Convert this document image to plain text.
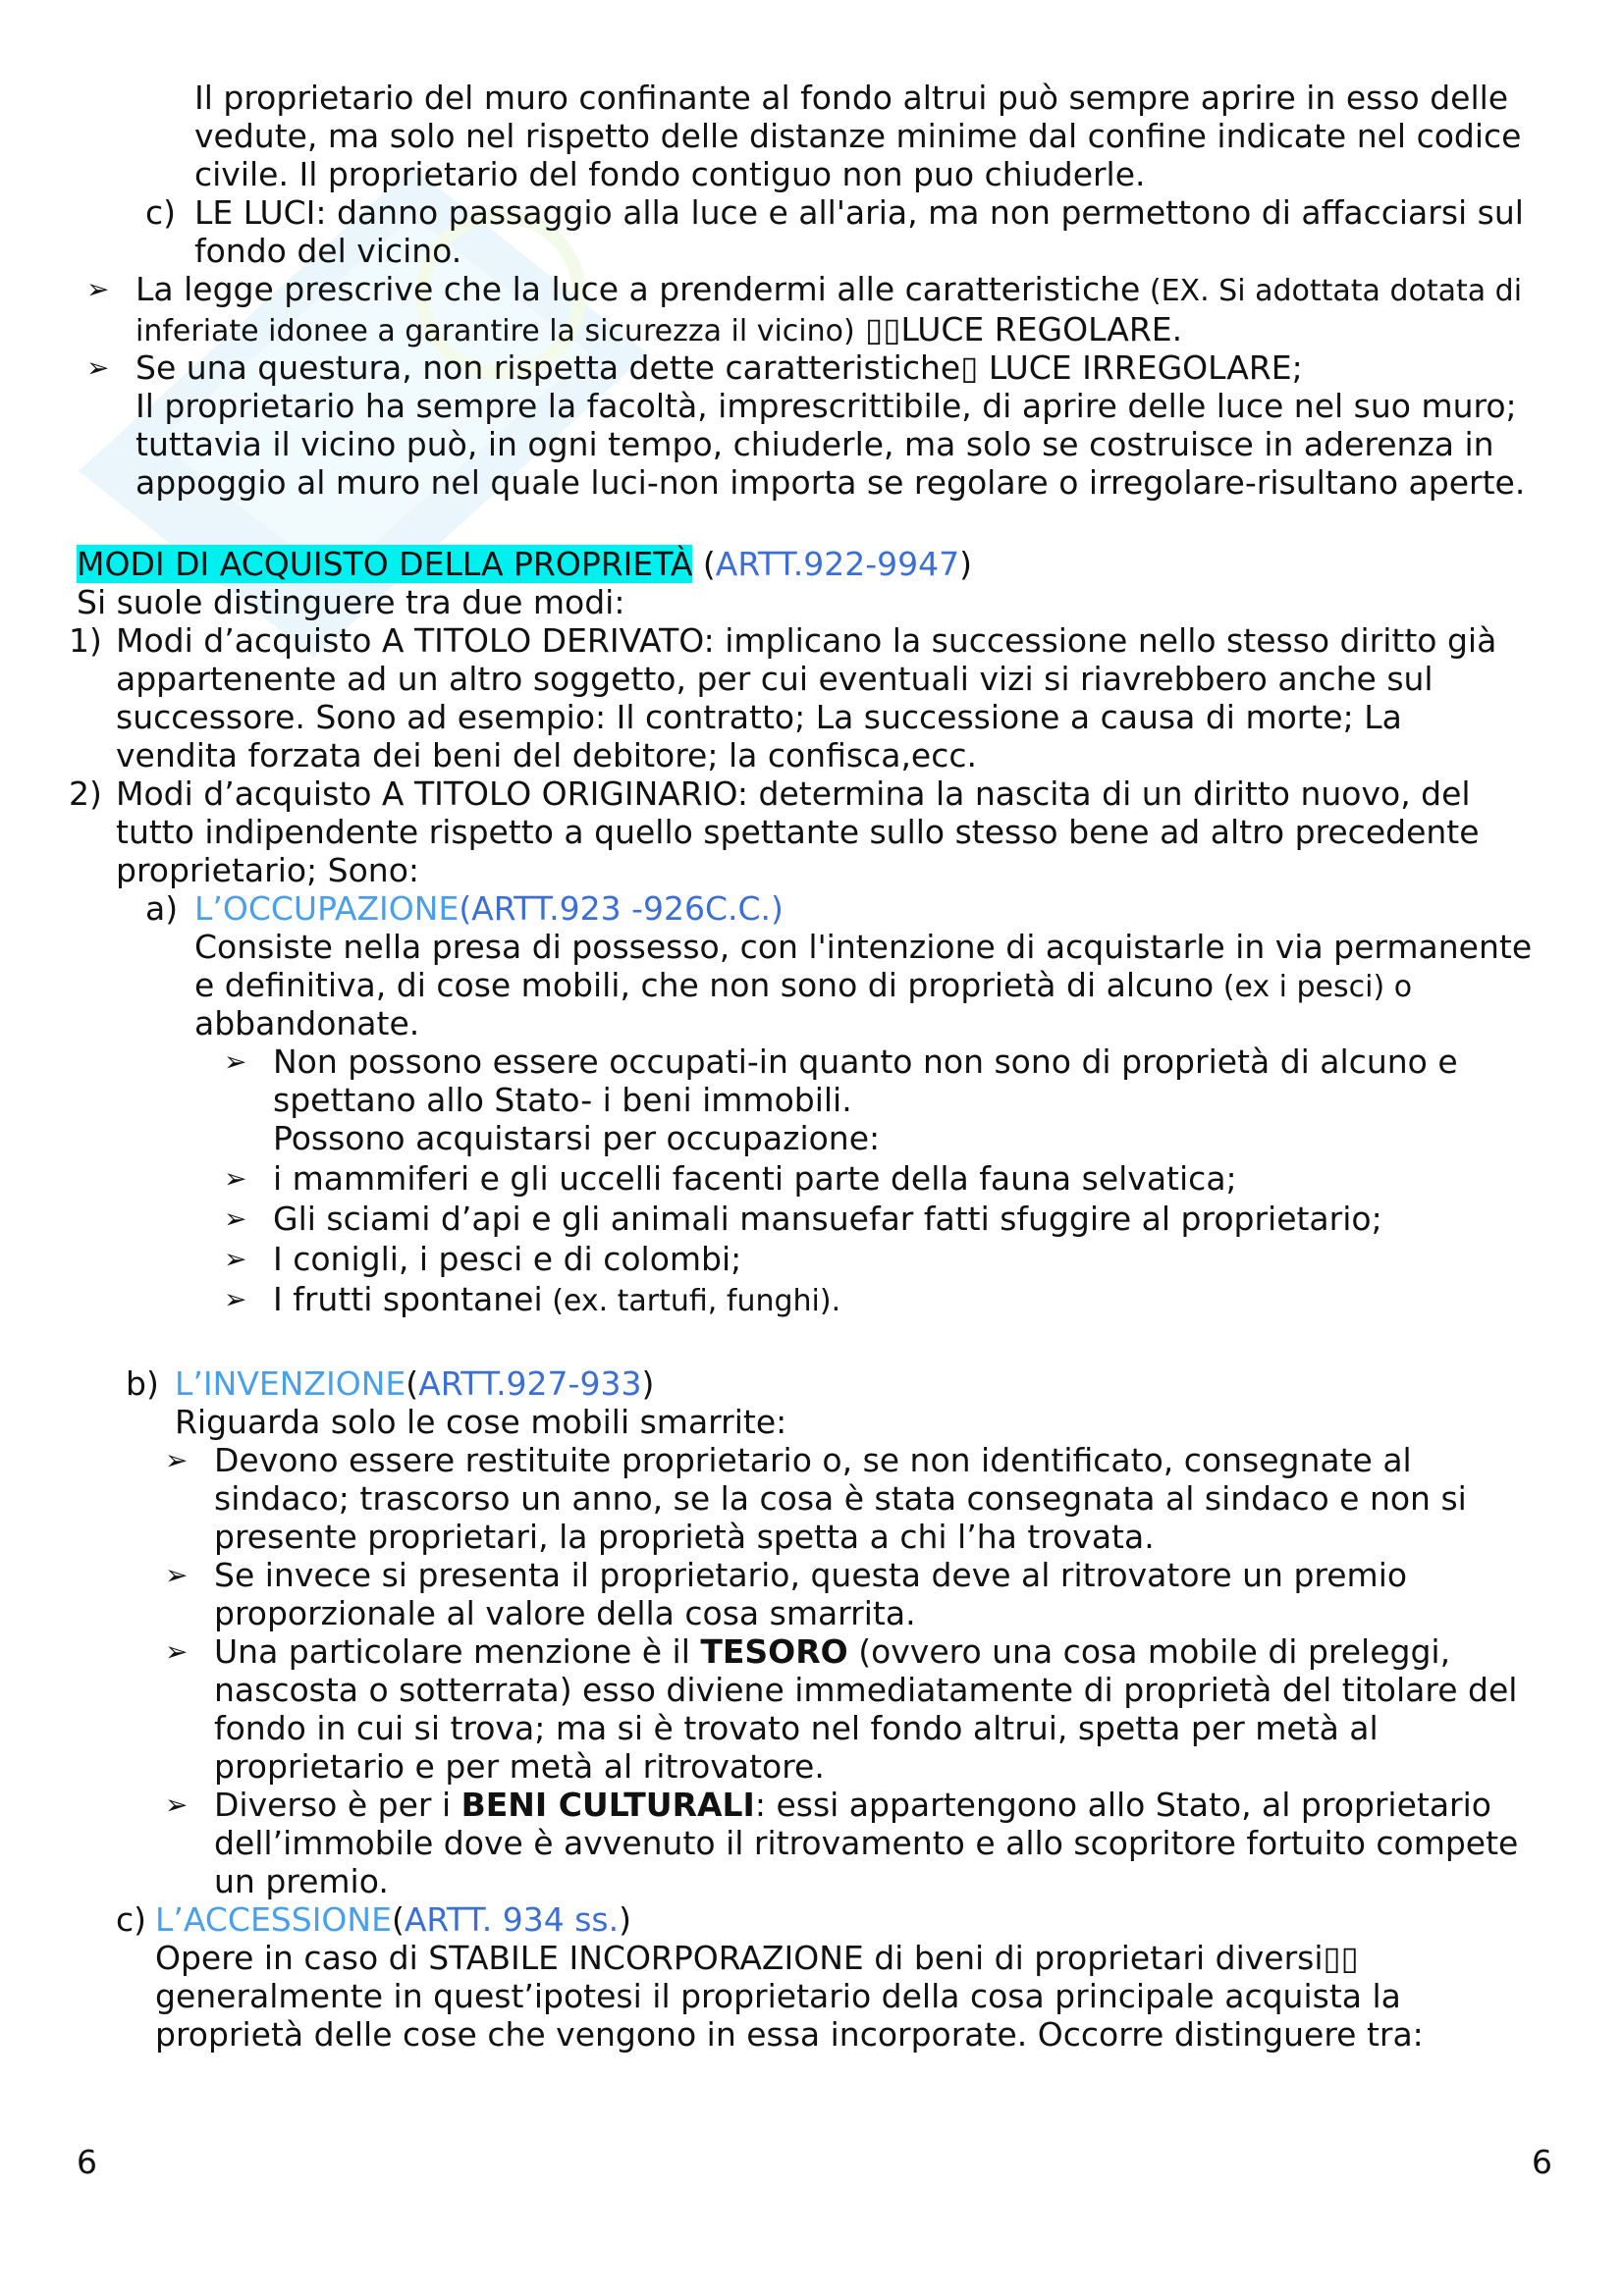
Il proprietario del muro confinante al fondo altrui può sempre aprire in esso delle
vedute, ma solo nel rispetto delle distanze minime dal confine indicate nel codice
civile. Il proprietario del fondo contiguo non puo chiuderle.
c) LE LUCI: danno passaggio alla luce e all'aria, ma non permettono di affacciarsi sul
fondo del vicino.
➢ La legge prescrive che la luce a prendermi alle caratteristiche (EX. Si adottata dotata di
inferiate idonee a garantire la sicurezza il vicino) ▯▯LUCE REGOLARE.
➢ Se una questura, non rispetta dette caratteristiche▯ LUCE IRREGOLARE;
Il proprietario ha sempre la facoltà, imprescrittibile, di aprire delle luce nel suo muro;
tuttavia il vicino può, in ogni tempo, chiuderle, ma solo se costruisce in aderenza in
appoggio al muro nel quale luci-non importa se regolare o irregolare-risultano aperte.
MODI DI ACQUISTO DELLA PROPRIETÀ (ARTT.922-9947)
Si suole distinguere tra due modi:
1) Modi d’acquisto A TITOLO DERIVATO: implicano la successione nello stesso diritto già
appartenente ad un altro soggetto, per cui eventuali vizi si riavrebbero anche sul
successore. Sono ad esempio: Il contratto; La successione a causa di morte; La
vendita forzata dei beni del debitore; la confisca,ecc.
2) Modi d’acquisto A TITOLO ORIGINARIO: determina la nascita di un diritto nuovo, del
tutto indipendente rispetto a quello spettante sullo stesso bene ad altro precedente
proprietario; Sono:
a) L’OCCUPAZIONE(ARTT.923 -926C.C.)
Consiste nella presa di possesso, con l'intenzione di acquistarle in via permanente
e definitiva, di cose mobili, che non sono di proprietà di alcuno (ex i pesci) o
abbandonate.
➢ Non possono essere occupati-in quanto non sono di proprietà di alcuno e
spettano allo Stato- i beni immobili.
Possono acquistarsi per occupazione:
➢ i mammiferi e gli uccelli facenti parte della fauna selvatica;
➢ Gli sciami d’api e gli animali mansuefar fatti sfuggire al proprietario;
➢ I conigli, i pesci e di colombi;
➢ I frutti spontanei (ex. tartufi, funghi).
b) L’INVENZIONE(ARTT.927-933)
Riguarda solo le cose mobili smarrite:
➢ Devono essere restituite proprietario o, se non identificato, consegnate al
sindaco; trascorso un anno, se la cosa è stata consegnata al sindaco e non si
presente proprietari, la proprietà spetta a chi l’ha trovata.
➢ Se invece si presenta il proprietario, questa deve al ritrovatore un premio
proporzionale al valore della cosa smarrita.
➢ Una particolare menzione è il TESORO (ovvero una cosa mobile di preleggi,
nascosta o sotterrata) esso diviene immediatamente di proprietà del titolare del
fondo in cui si trova; ma si è trovato nel fondo altrui, spetta per metà al
proprietario e per metà al ritrovatore.
➢ Diverso è per i BENI CULTURALI: essi appartengono allo Stato, al proprietario
dell’immobile dove è avvenuto il ritrovamento e allo scopritore fortuito compete
un premio.
c) L’ACCESSIONE(ARTT. 934 ss.)
Opere in caso di STABILE INCORPORAZIONE di beni di proprietari diversi▯▯
generalmente in quest’ipotesi il proprietario della cosa principale acquista la
proprietà delle cose che vengono in essa incorporate. Occorre distinguere tra:
6	6
